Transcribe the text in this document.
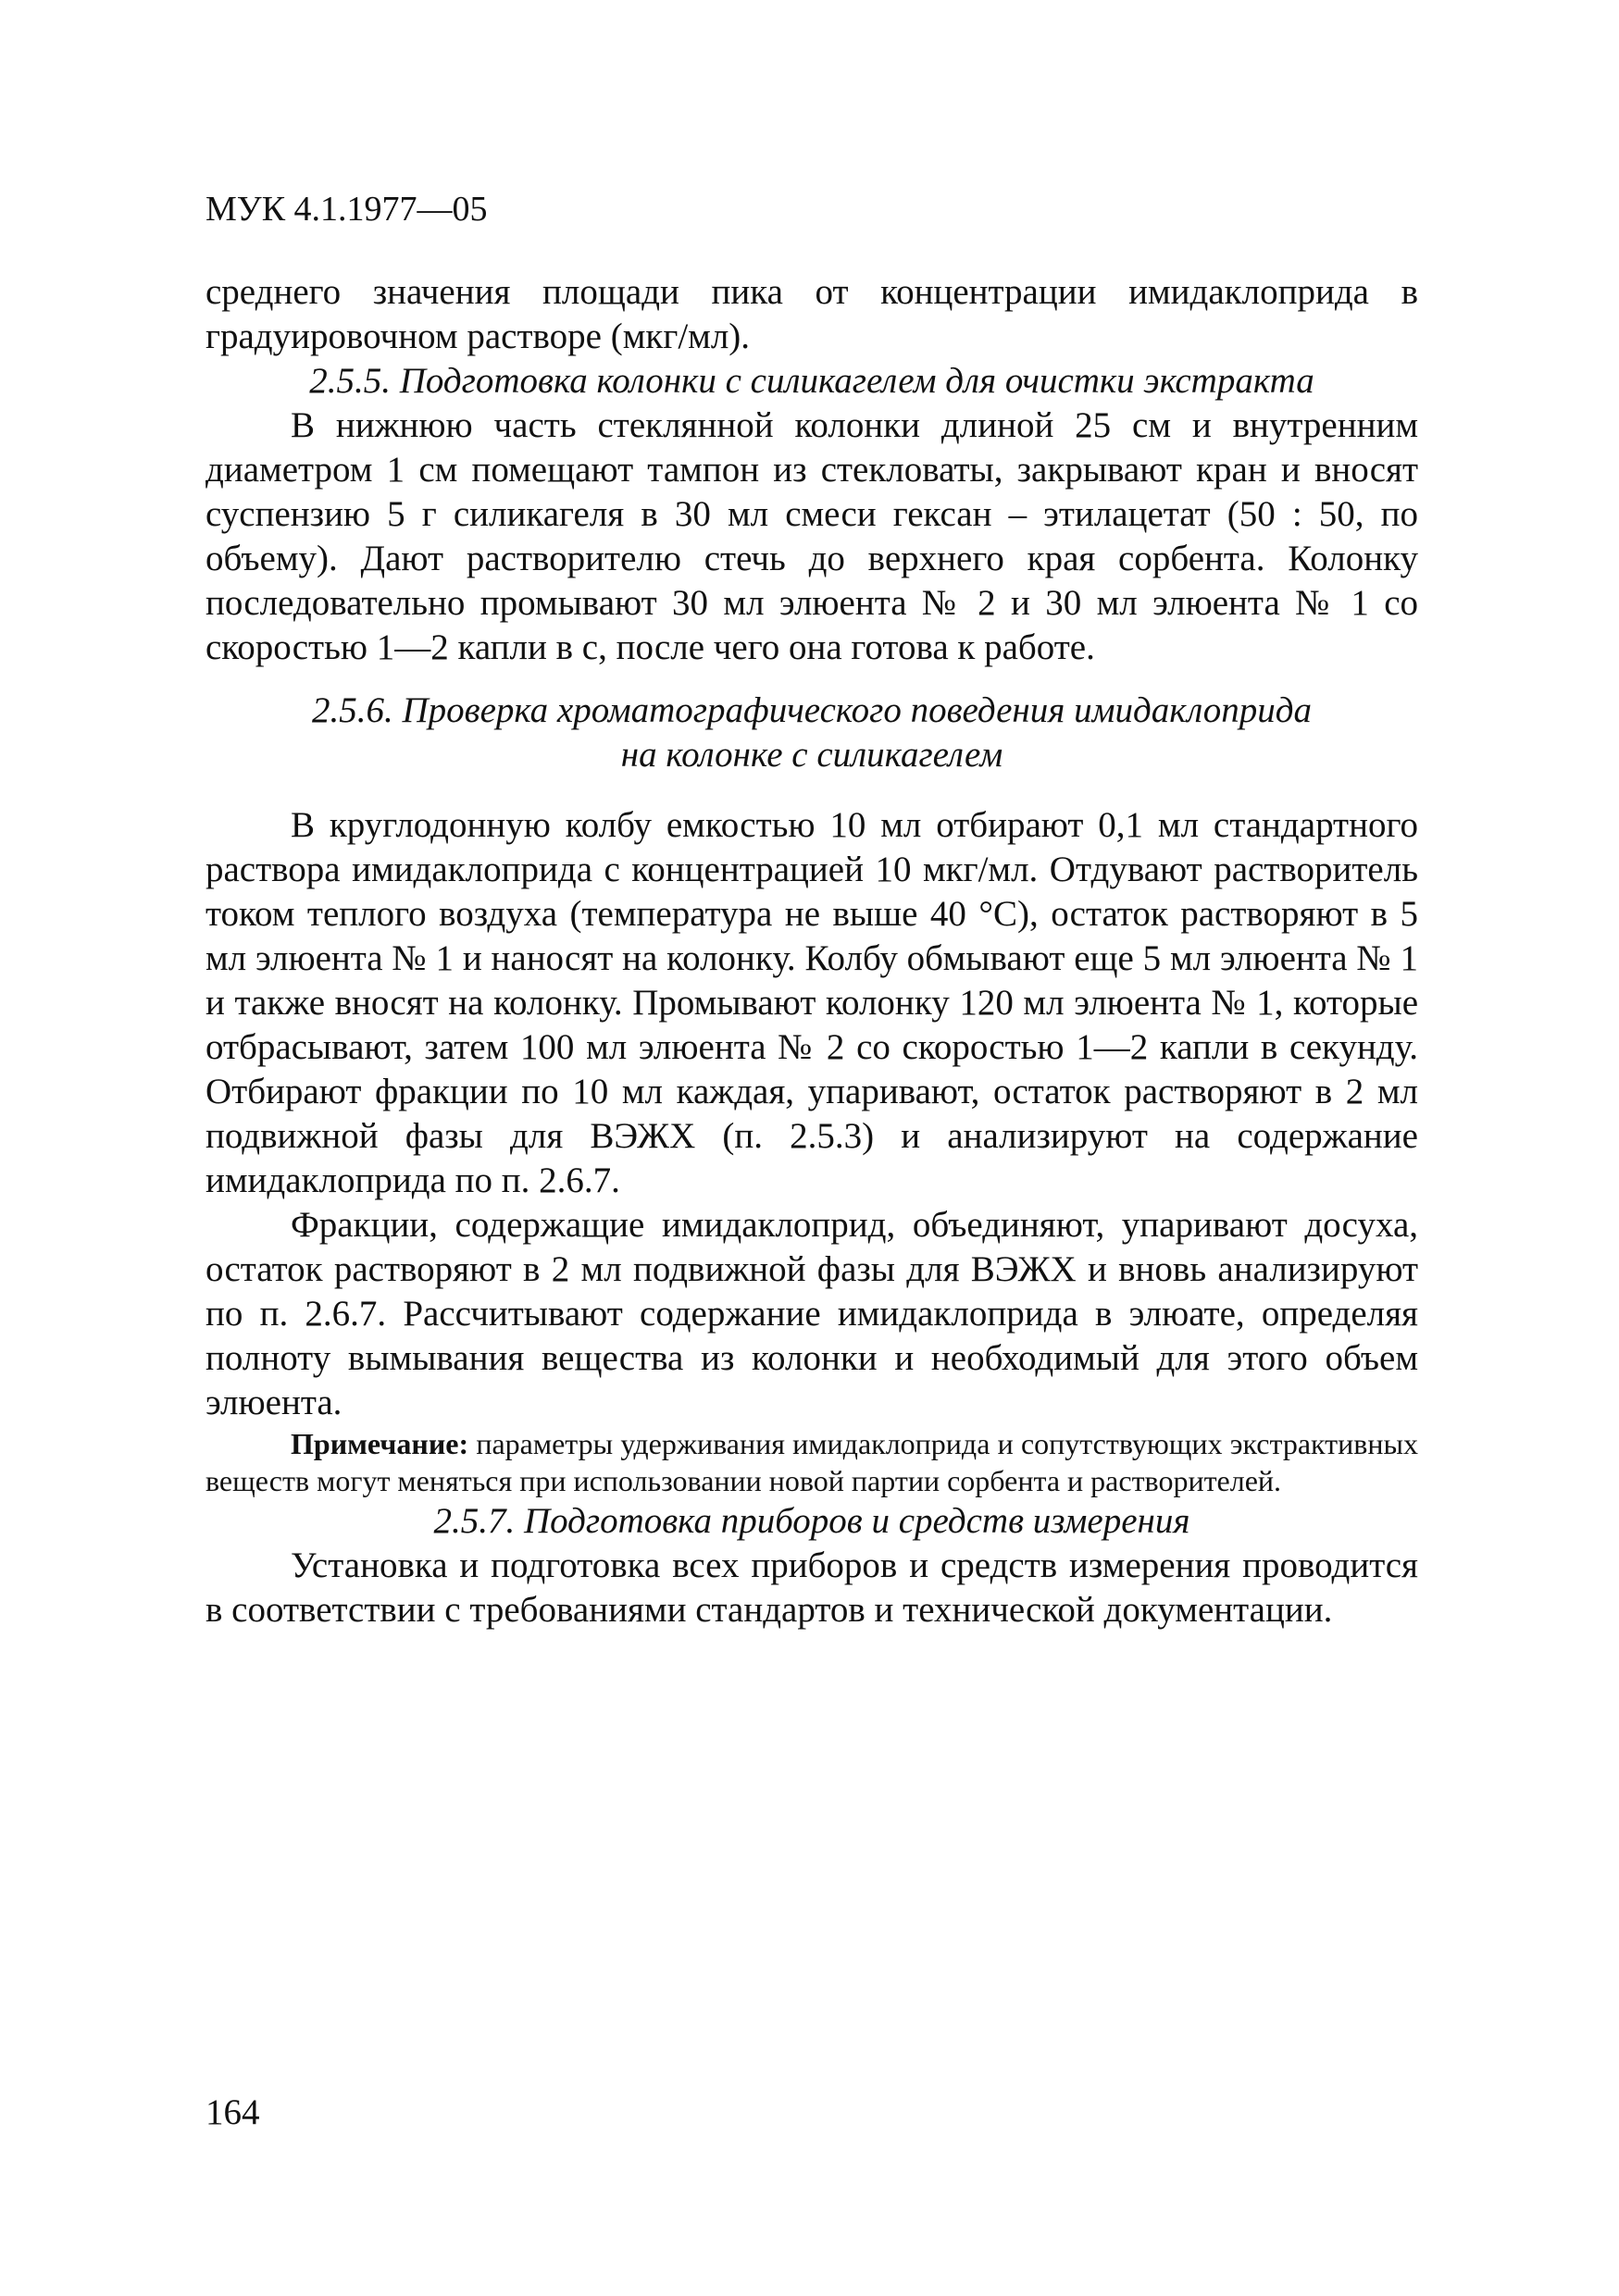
МУК 4.1.1977—05

среднего значения площади пика от концентрации имидаклоприда в градуировочном растворе (мкг/мл).

2.5.5. Подготовка колонки с силикагелем для очистки экстракта

В нижнюю часть стеклянной колонки длиной 25 см и внутренним диаметром 1 см помещают тампон из стекловаты, закрывают кран и вносят суспензию 5 г силикагеля в 30 мл смеси гексан – этилацетат (50 : 50, по объему). Дают растворителю стечь до верхнего края сорбента. Колонку последовательно промывают 30 мл элюента № 2 и 30 мл элюента № 1 со скоростью 1—2 капли в с, после чего она готова к работе.

2.5.6. Проверка хроматографического поведения имидаклоприда
на колонке с силикагелем

В круглодонную колбу емкостью 10 мл отбирают 0,1 мл стандартного раствора имидаклоприда с концентрацией 10 мкг/мл. Отдувают растворитель током теплого воздуха (температура не выше 40 °С), остаток растворяют в 5 мл элюента № 1 и наносят на колонку. Колбу обмывают еще 5 мл элюента № 1 и также вносят на колонку. Промывают колонку 120 мл элюента № 1, которые отбрасывают, затем 100 мл элюента № 2 со скоростью 1—2 капли в секунду. Отбирают фракции по 10 мл каждая, упаривают, остаток растворяют в 2 мл подвижной фазы для ВЭЖХ (п. 2.5.3) и анализируют на содержание имидаклоприда по п. 2.6.7.

Фракции, содержащие имидаклоприд, объединяют, упаривают досуха, остаток растворяют в 2 мл подвижной фазы для ВЭЖХ и вновь анализируют по п. 2.6.7. Рассчитывают содержание имидаклоприда в элюате, определяя полноту вымывания вещества из колонки и необходимый для этого объем элюента.

Примечание: параметры удерживания имидаклоприда и сопутствующих экстрактивных веществ могут меняться при использовании новой партии сорбента и растворителей.

2.5.7. Подготовка приборов и средств измерения

Установка и подготовка всех приборов и средств измерения проводится в соответствии с требованиями стандартов и технической документации.

164
